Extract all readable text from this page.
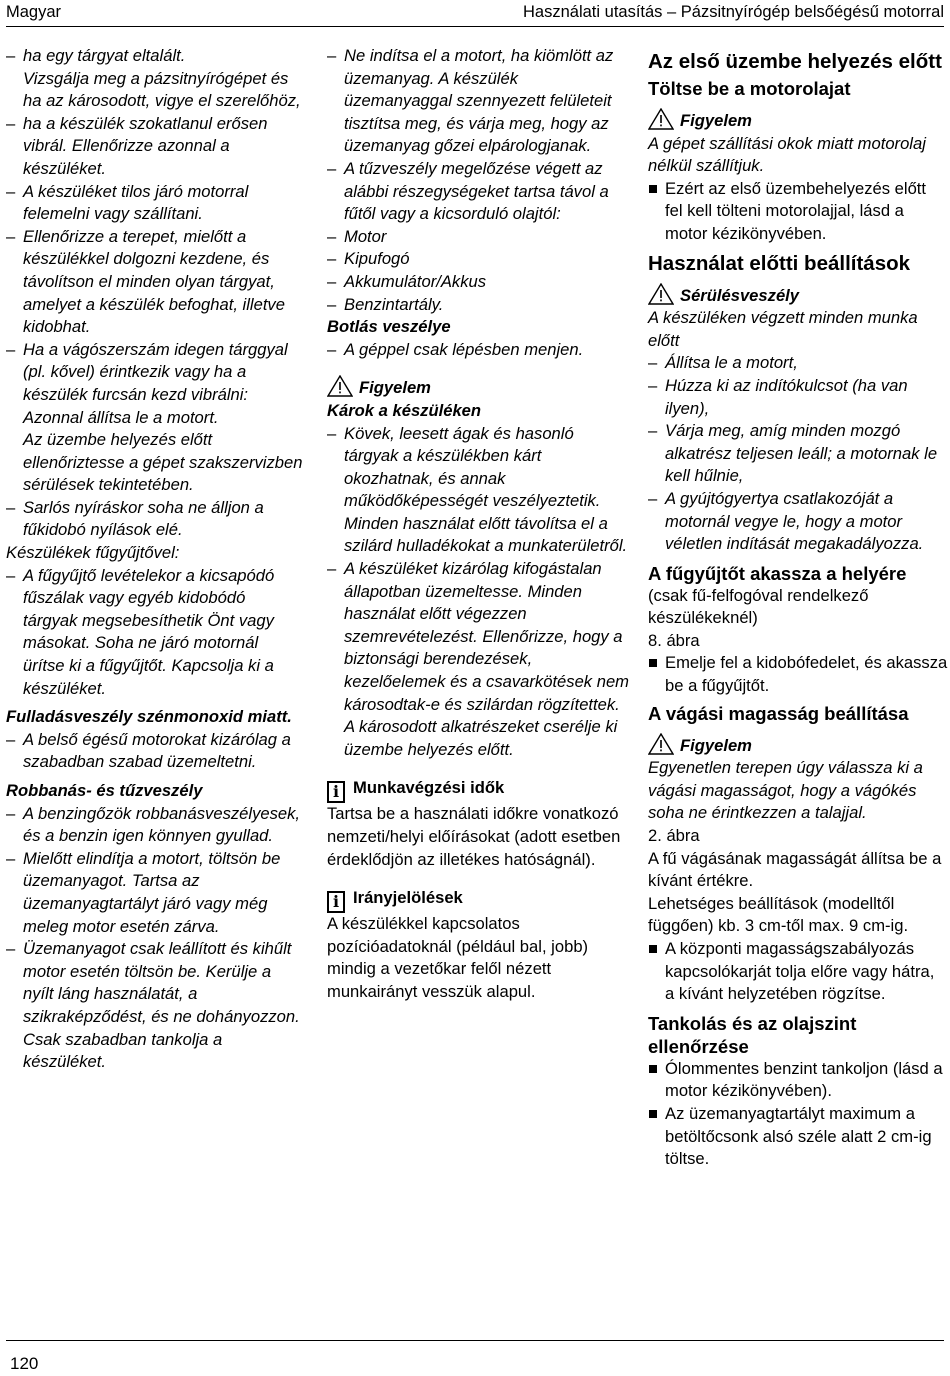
Magyar	Használati utasítás – Pázsitnyírógép belsőégésű motorral
– ha egy tárgyat eltalált.
Vizsgálja meg a pázsitnyírógépet és ha az károsodott, vigye el szerelőhöz,
– ha a készülék szokatlanul erősen vibrál. Ellenőrizze azonnal a készüléket.
– A készüléket tilos járó motorral felemelni vagy szállítani.
– Ellenőrizze a terepet, mielőtt a készülékkel dolgozni kezdene, és távolítson el minden olyan tárgyat, amelyet a készülék befoghat, illetve kidobhat.
– Ha a vágószerszám idegen tárggyal (pl. kővel) érintkezik vagy ha a készülék furcsán kezd vibrálni: Azonnal állítsa le a motort.
Az üzembe helyezés előtt ellenőriztesse a gépet szakszervizben sérülések tekintetében.
– Sarlós nyíráskor soha ne álljon a fűkidobó nyílások elé.
Készülékek fűgyűjtővel:
– A fűgyűjtő levételekor a kicsapódó fűszálak vagy egyéb kidobódó tárgyak megsebesíthetik Önt vagy másokat. Soha ne járó motornál ürítse ki a fűgyűjtőt. Kapcsolja ki a készüléket.
Fulladásveszély szénmonoxid miatt.
– A belső égésű motorokat kizárólag a szabadban szabad üzemeltetni.
Robbanás- és tűzveszély
– A benzingőzök robbanásveszélyesek, és a benzin igen könnyen gyullad.
– Mielőtt elindítja a motort, töltsön be üzemanyagot. Tartsa az üzemanyagtartályt járó vagy még meleg motor esetén zárva.
– Üzemanyagot csak leállított és kihűlt motor esetén töltsön be. Kerülje a nyílt láng használatát, a szikraképződést, és ne dohányozzon. Csak szabadban tankolja a készüléket.
– Ne indítsa el a motort, ha kiömlött az üzemanyag. A készülék üzemanyaggal szennyezett felületeit tisztítsa meg, és várja meg, hogy az üzemanyag gőzei elpárologjanak.
– A tűzveszély megelőzése végett az alábbi részegységeket tartsa távol a fűtől vagy a kicsorduló olajtól:
– Motor
– Kipufogó
– Akkumulátor/Akkus
– Benzintartály.
Botlás veszélye
– A géppel csak lépésben menjen.
Figyelem
Károk a készüléken
– Kövek, leesett ágak és hasonló tárgyak a készülékben kárt okozhatnak, és annak működőképességét veszélyeztetik. Minden használat előtt távolítsa el a szilárd hulladékokat a munkaterületről.
– A készüléket kizárólag kifogástalan állapotban üzemeltesse. Minden használat előtt végezzen szemrevételezést. Ellenőrizze, hogy a biztonsági berendezések, kezelőelemek és a csavarkötések nem károsodtak-e és szilárdan rögzítettek.
A károsodott alkatrészeket cserélje ki üzembe helyezés előtt.
i Munkavégzési idők
Tartsa be a használati időkre vonatkozó nemzeti/helyi előírásokat (adott esetben érdeklődjön az illetékes hatóságnál).
i Irányjelölések
A készülékkel kapcsolatos pozícióadatoknál (például bal, jobb) mindig a vezetőkar felől nézett munkairányt vesszük alapul.
Az első üzembe helyezés előtt
Töltse be a motorolajat
Figyelem
A gépet szállítási okok miatt motorolaj nélkül szállítjuk.
Ezért az első üzembehelyezés előtt fel kell tölteni motorolajjal, lásd a motor kézikönyvében.
Használat előtti beállítások
Sérülésveszély
A készüléken végzett minden munka előtt
– Állítsa le a motort,
– Húzza ki az indítókulcsot (ha van ilyen),
– Várja meg, amíg minden mozgó alkatrész teljesen leáll; a motornak le kell hűlnie,
– A gyújtógyertya csatlakozóját a motornál vegye le, hogy a motor véletlen indítását megakadályozza.
A fűgyűjtőt akassza a helyére
(csak fű-felfogóval rendelkező készülékeknél)
8. ábra
Emelje fel a kidobófedelet, és akassza be a fűgyűjtőt.
A vágási magasság beállítása
Figyelem
Egyenetlen terepen úgy válassza ki a vágási magasságot, hogy a vágókés soha ne érintkezzen a talajjal.
2. ábra
A fű vágásának magasságát állítsa be a kívánt értékre.
Lehetséges beállítások (modelltől függően) kb. 3 cm-től max. 9 cm-ig.
A központi magasságszabályozás kapcsolókarját tolja előre vagy hátra, a kívánt helyzetében rögzítse.
Tankolás és az olajszint ellenőrzése
Ólommentes benzint tankoljon (lásd a motor kézikönyvében).
Az üzemanyagtartályt maximum a betöltőcsonk alsó széle alatt 2 cm-ig töltse.
120
